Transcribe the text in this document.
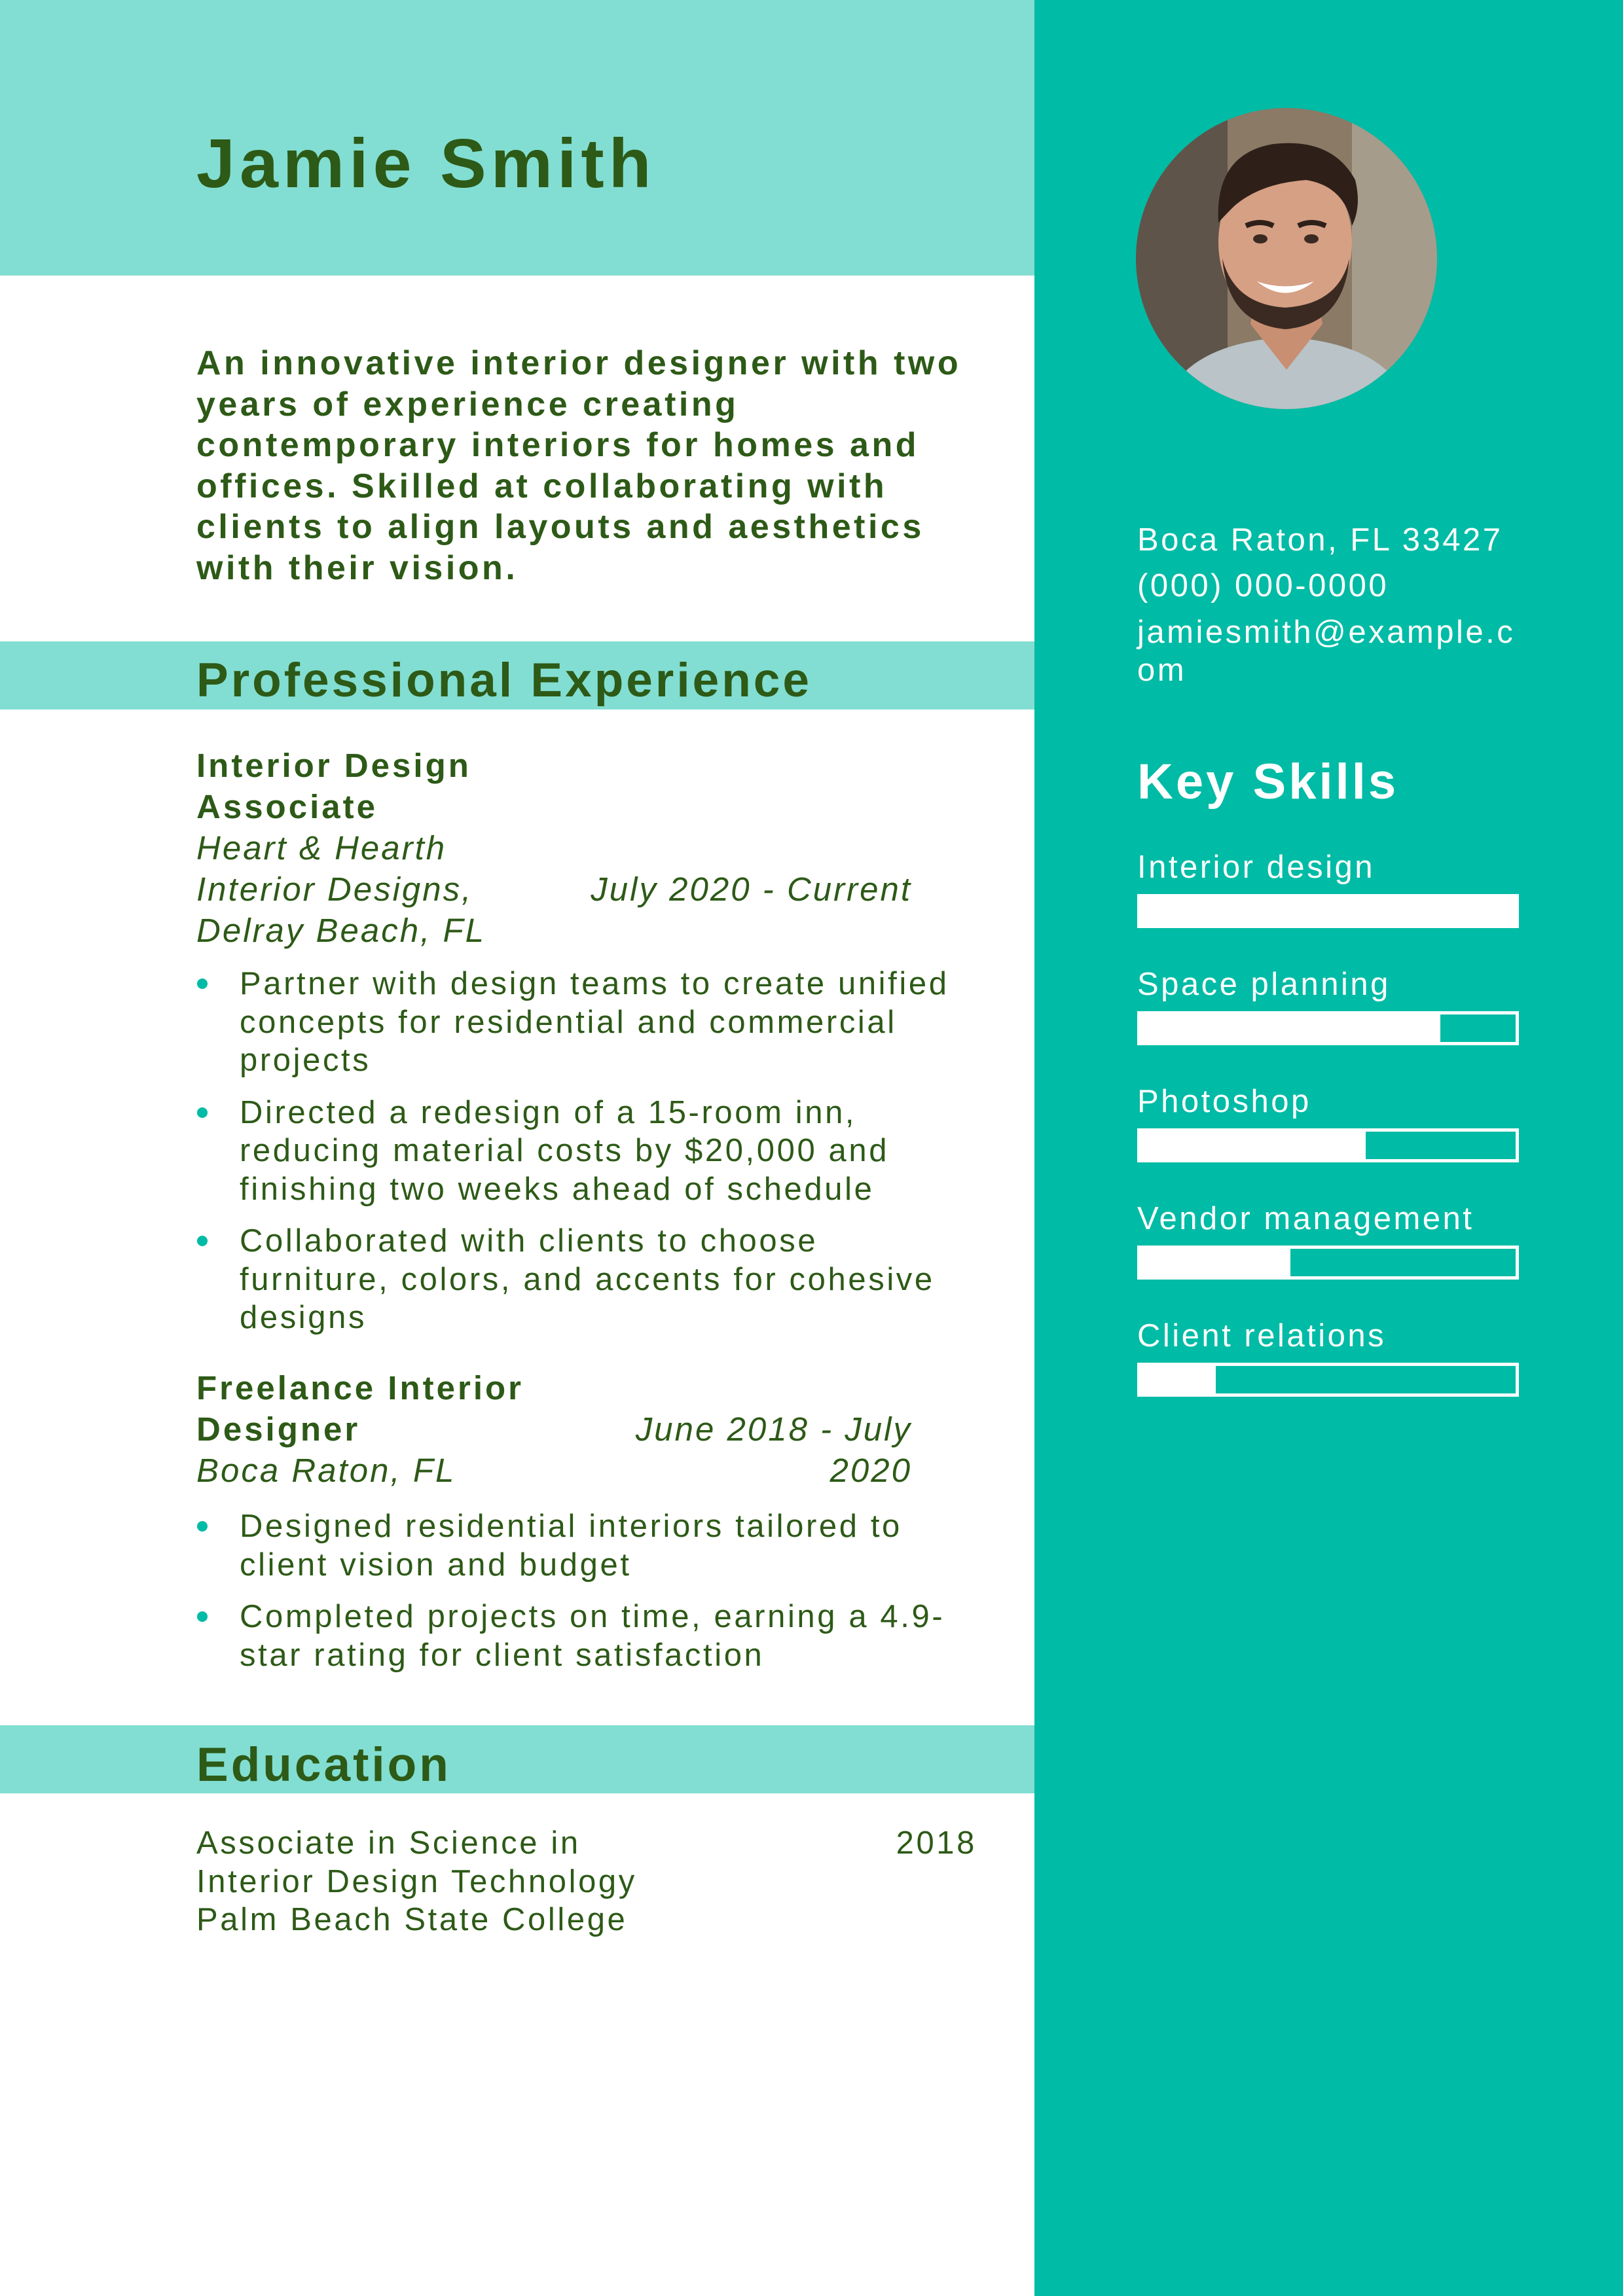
Jamie Smith

An innovative interior designer with two years of experience creating contemporary interiors for homes and offices. Skilled at collaborating with clients to align layouts and aesthetics with their vision.

Professional Experience
Interior Design Associate
Heart & Hearth Interior Designs, Delray Beach, FL
July 2020 - Current
Partner with design teams to create unified concepts for residential and commercial projects
Directed a redesign of a 15-room inn, reducing material costs by $20,000 and finishing two weeks ahead of schedule
Collaborated with clients to choose furniture, colors, and accents for cohesive designs
Freelance Interior Designer
Boca Raton, FL
June 2018 - July 2020
Designed residential interiors tailored to client vision and budget
Completed projects on time, earning a 4.9-star rating for client satisfaction
Education
Associate in Science in Interior Design Technology
Palm Beach State College
2018
Boca Raton, FL 33427
(000) 000-0000
jamiesmith@example.com
Key Skills
Interior design
Space planning
Photoshop
Vendor management
Client relations
